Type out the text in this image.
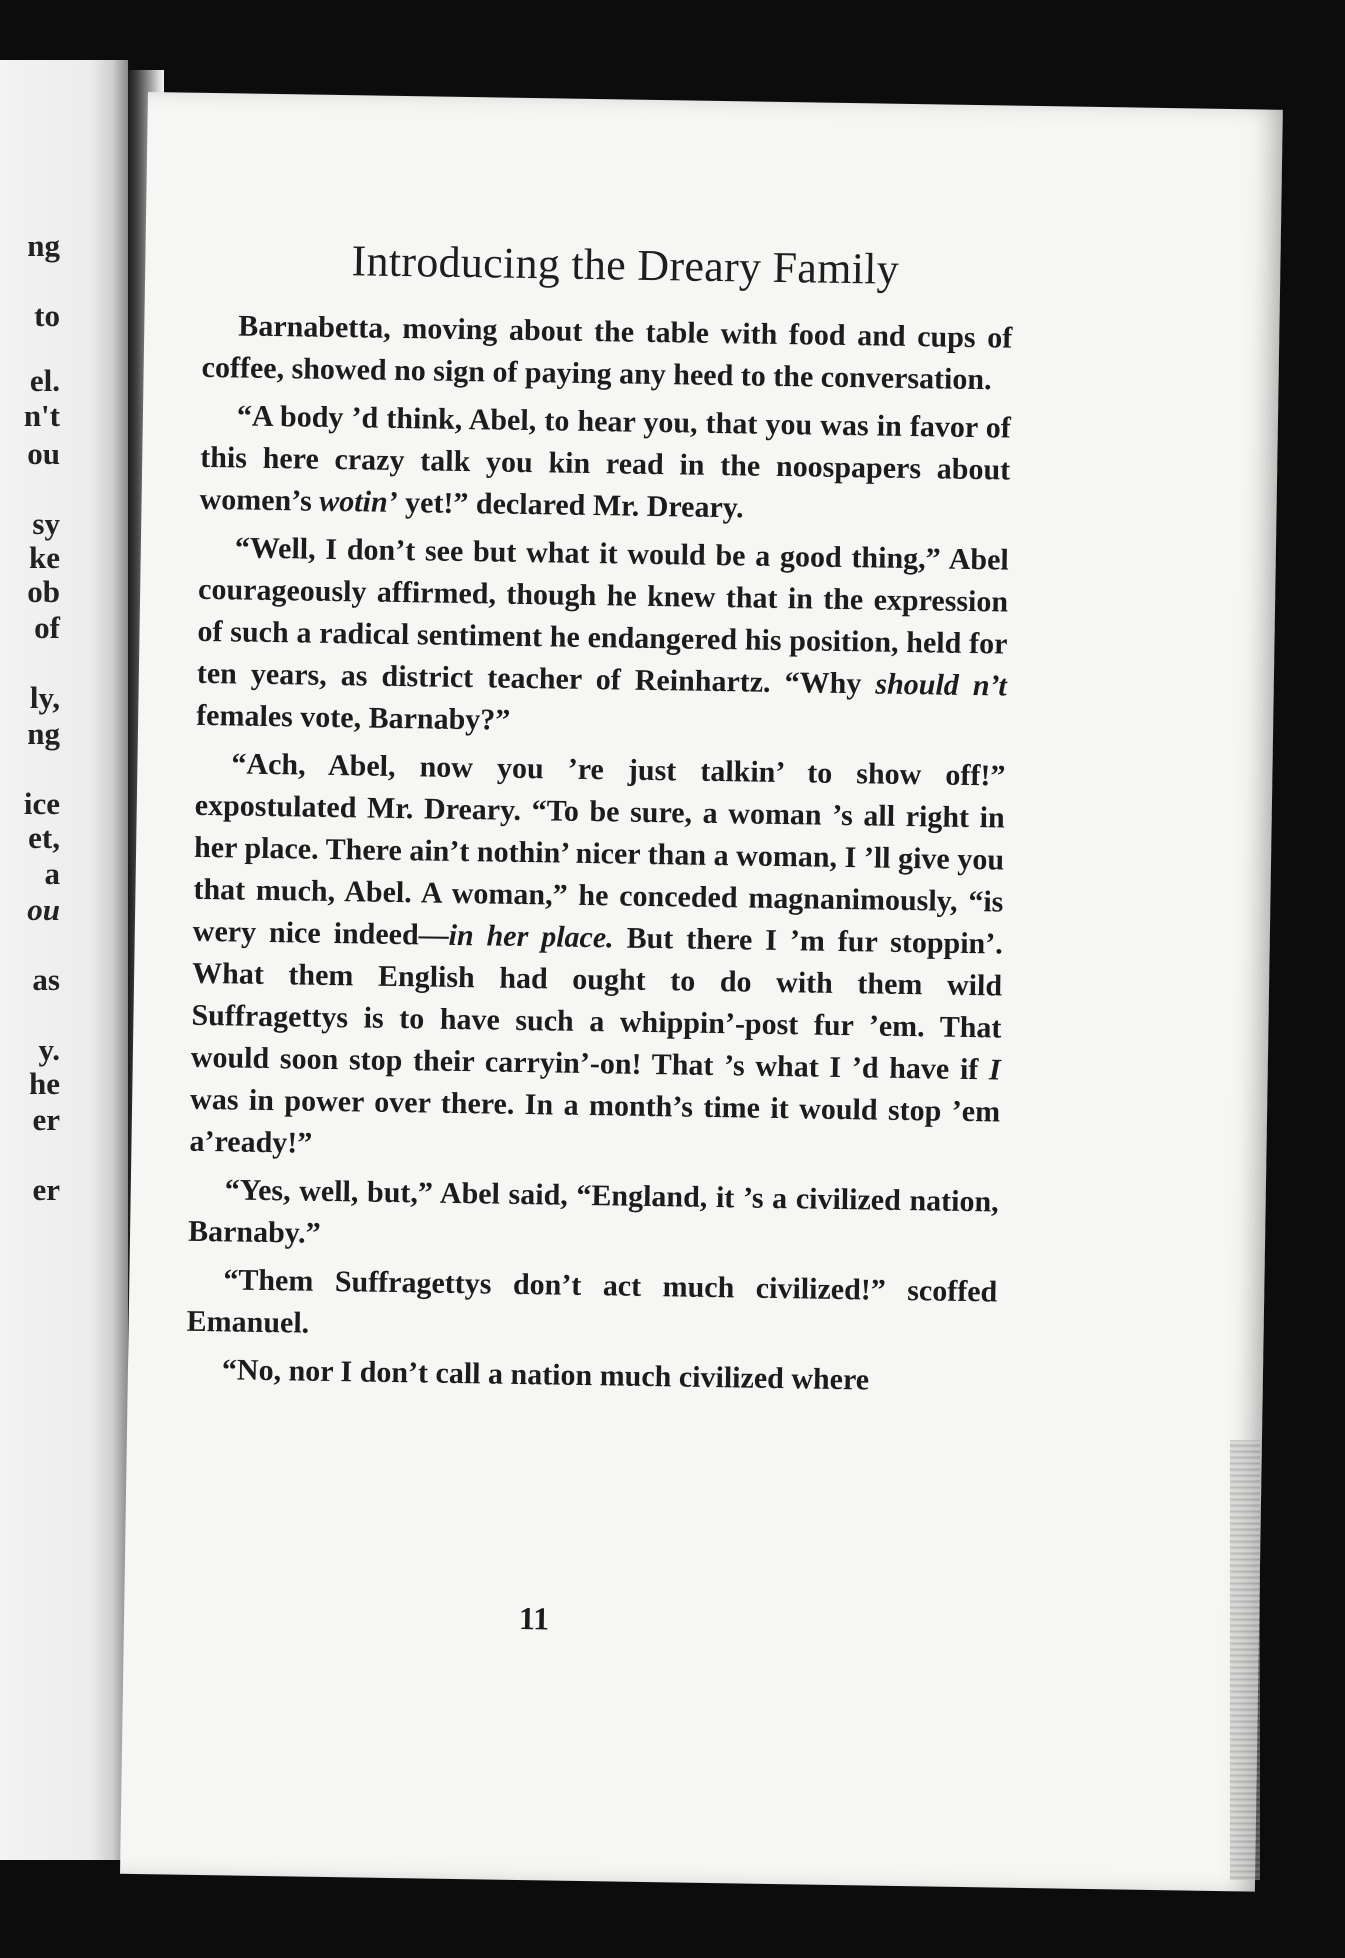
ng
to
el.
n't
ou
sy
ke
ob
of
ly,
ng
ice
et,
a
ou
as
y.
he
er
er
Introducing the Dreary Family

Barnabetta, moving about the table with food and cups of coffee, showed no sign of paying any heed to the conversation.

“A body ’d think, Abel, to hear you, that you was in favor of this here crazy talk you kin read in the noospapers about women’s wotin’ yet!” declared Mr. Dreary.

“Well, I don’t see but what it would be a good thing,” Abel courageously affirmed, though he knew that in the expression of such a radical sentiment he endangered his position, held for ten years, as district teacher of Reinhartz. “Why should n’t females vote, Barnaby?”

“Ach, Abel, now you ’re just talkin’ to show off!” expostulated Mr. Dreary. “To be sure, a woman ’s all right in her place. There ain’t nothin’ nicer than a woman, I ’ll give you that much, Abel. A woman,” he conceded magnanimously, “is wery nice indeed—in her place. But there I ’m fur stoppin’. What them English had ought to do with them wild Suffragettys is to have such a whippin’-post fur ’em. That would soon stop their carryin’-on! That ’s what I ’d have if I was in power over there. In a month’s time it would stop ’em a’ready!”

“Yes, well, but,” Abel said, “England, it ’s a civilized nation, Barnaby.”

“Them Suffragettys don’t act much civilized!” scoffed Emanuel.

“No, nor I don’t call a nation much civilized where

11
